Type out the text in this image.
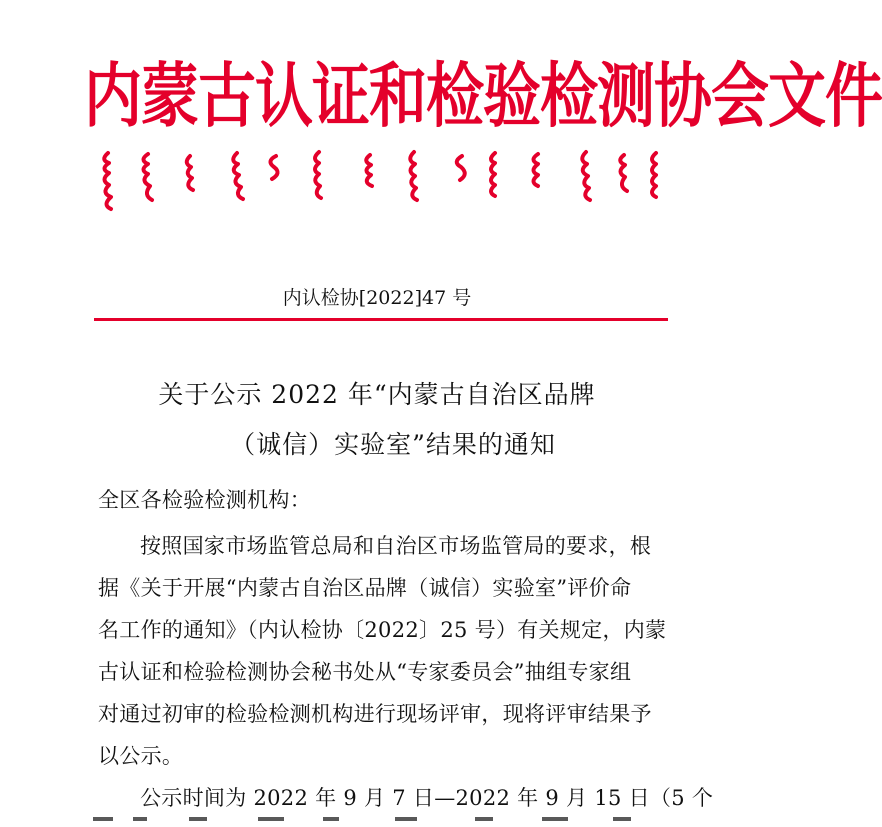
内蒙古认证和检验检测协会文件
内认检协[2022]47 号
关于公示 2022 年“内蒙古自治区品牌
（诚信）实验室”结果的通知
全区各检验检测机构：
按照国家市场监管总局和自治区市场监管局的要求，根
据《关于开展“内蒙古自治区品牌（诚信）实验室”评价命
名工作的通知》（内认检协〔2022〕25 号）有关规定，内蒙
古认证和检验检测协会秘书处从“专家委员会”抽组专家组
对通过初审的检验检测机构进行现场评审，现将评审结果予
以公示。
公示时间为 2022 年 9 月 7 日—2022 年 9 月 15 日（5 个
